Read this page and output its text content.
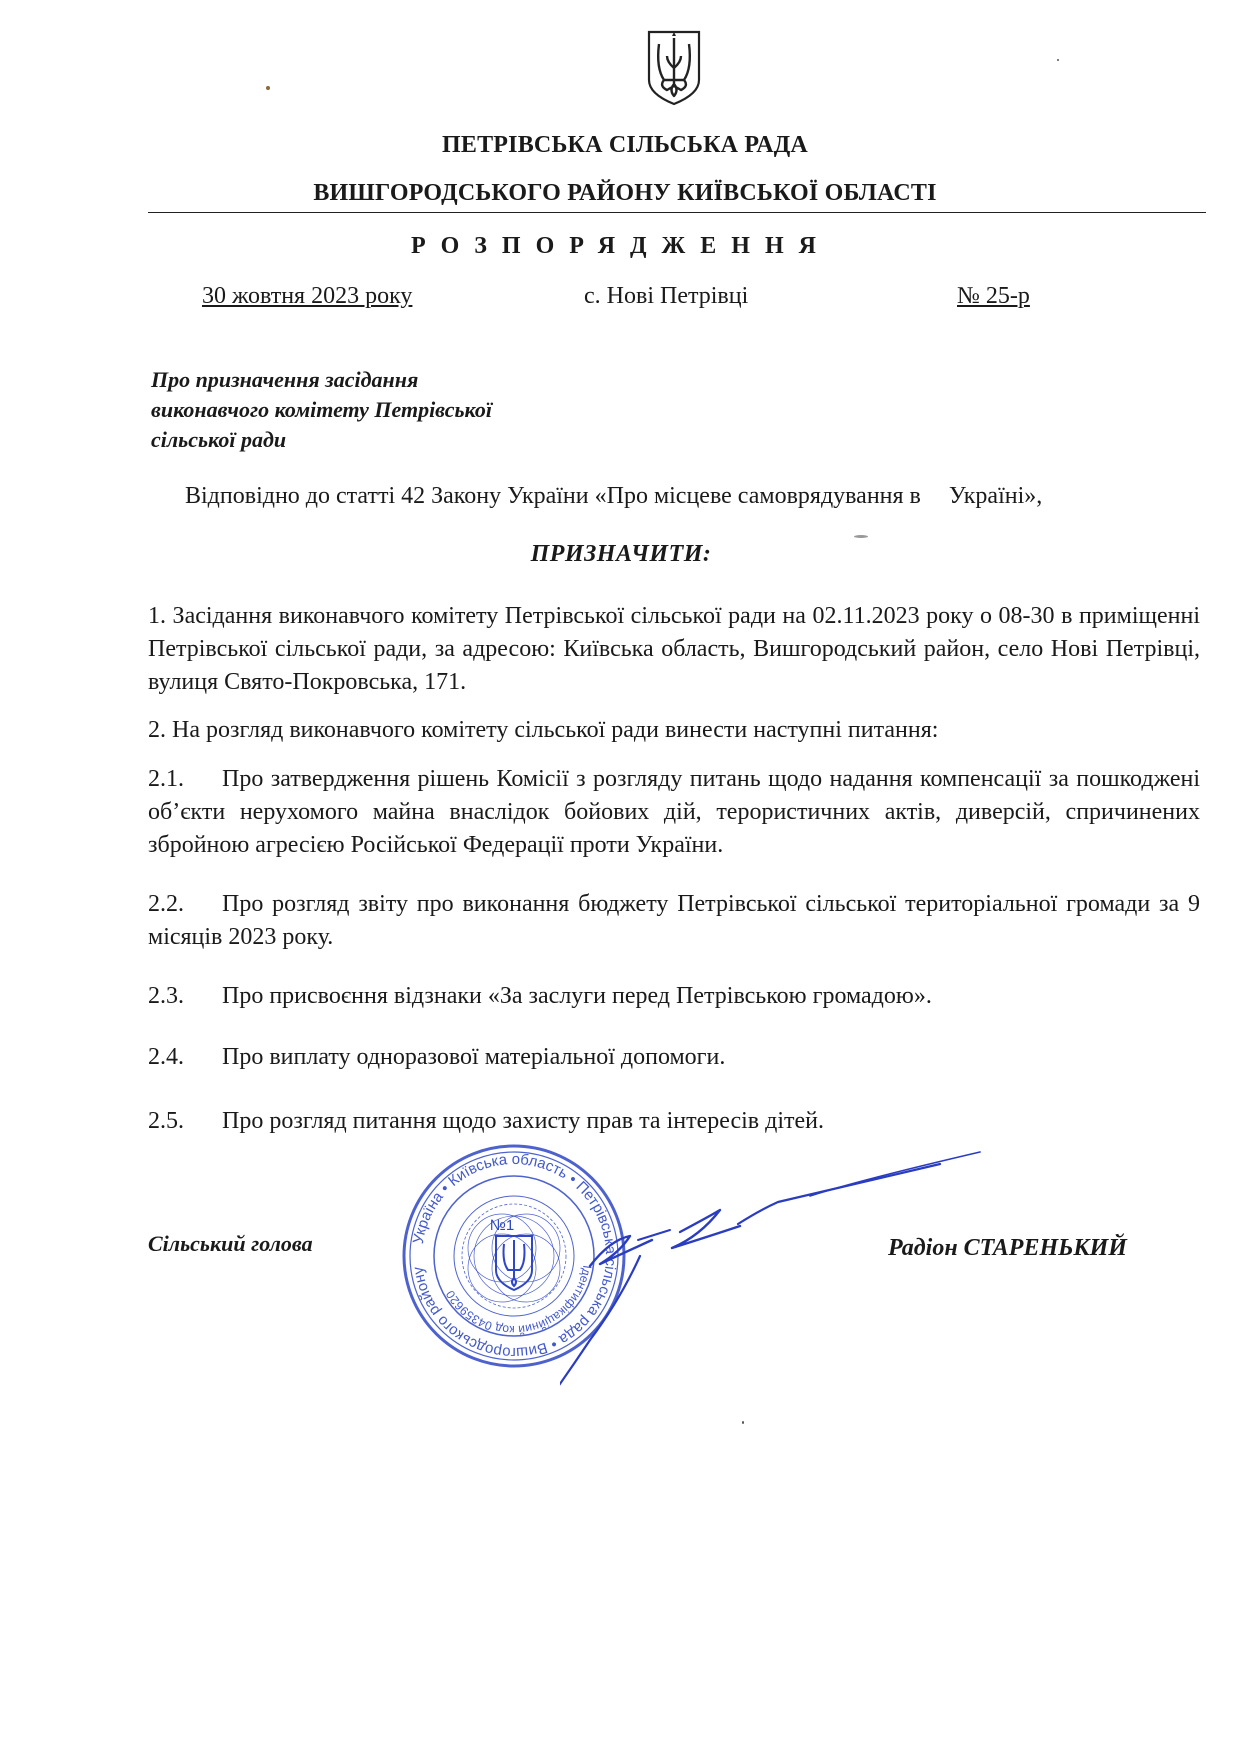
ПЕТРІВСЬКА СІЛЬСЬКА РАДА
ВИШГОРОДСЬКОГО РАЙОНУ КИЇВСЬКОЇ ОБЛАСТІ
РОЗПОРЯДЖЕННЯ
30 жовтня 2023 року	с. Нові Петрівці	№ 25-р
Про призначення засідання
виконавчого комітету Петрівської
сільської ради
Відповідно до статті 42 Закону України «Про місцеве самоврядування в Україні»,
ПРИЗНАЧИТИ:
1. Засідання виконавчого комітету Петрівської сільської ради на 02.11.2023 року о 08-30 в приміщенні Петрівської сільської ради, за адресою: Київська область, Вишгородський район, село Нові Петрівці, вулиця Свято-Покровська, 171.
2. На розгляд виконавчого комітету сільської ради винести наступні питання:
2.1. Про затвердження рішень Комісії з розгляду питань щодо надання компенсації за пошкоджені об’єкти нерухомого майна внаслідок бойових дій, терористичних актів, диверсій, спричинених збройною агресією Російської Федерації проти України.
2.2. Про розгляд звіту про виконання бюджету Петрівської сільської територіальної громади за 9 місяців 2023 року.
2.3. Про присвоєння відзнаки «За заслуги перед Петрівською громадою».
2.4. Про виплату одноразової матеріальної допомоги.
2.5. Про розгляд питання щодо захисту прав та інтересів дітей.
Україна • Київська область • Петрівська сільська рада • Вишгородського району	Ідентифікаційний код 04359620
№1
Сільський голова	Радіон СТАРЕНЬКИЙ
